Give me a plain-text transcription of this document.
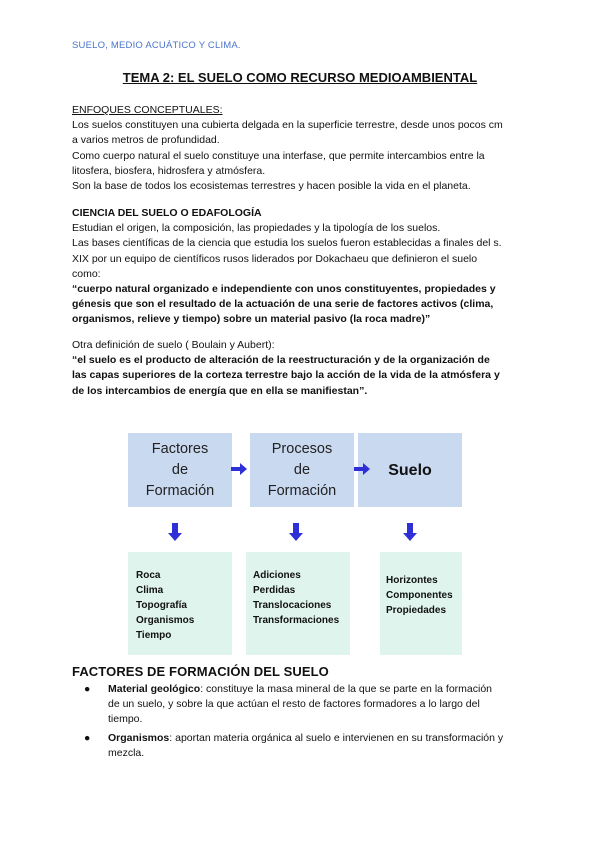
SUELO, MEDIO ACUÁTICO Y CLIMA.
TEMA 2: EL SUELO COMO RECURSO MEDIOAMBIENTAL

ENFOQUES CONCEPTUALES:

Los suelos constituyen una cubierta delgada en la superficie terrestre, desde unos pocos cm

a varios metros de profundidad.

Como cuerpo natural el suelo constituye una interfase, que permite intercambios entre la

litosfera, biosfera, hidrosfera y atmósfera.

Son la base de todos los ecosistemas terrestres y hacen posible la vida en el planeta.

CIENCIA DEL SUELO O EDAFOLOGÍA

Estudian el origen, la composición, las propiedades y la tipología de los suelos.

Las bases científicas de la ciencia que estudia los suelos fueron establecidas a finales del s.

XIX por un equipo de científicos rusos liderados por Dokachaeu que definieron el suelo

como:

“cuerpo natural organizado e independiente con unos constituyentes, propiedades y

génesis que son el resultado de la actuación de una serie de factores activos (clima,

organismos, relieve y tiempo) sobre un material pasivo (la roca madre)”

Otra definición de suelo ( Boulain y Aubert):

“el suelo es el producto de alteración de la reestructuración y de la organización de

las capas superiores de la corteza terrestre bajo la acción de la vida de la atmósfera y

de los intercambios de energía que en ella se manifiestan”.

Factores
de
Formación
Procesos
de
Formación
Suelo
Roca
Clima
Topografía
Organismos
Tiempo
Adiciones
Perdidas
Translocaciones
Transformaciones
Horizontes
Componentes
Propiedades
FACTORES DE FORMACIÓN DEL SUELO
● Material geológico: constituye la masa mineral de la que se parte en la formación
de un suelo, y sobre la que actúan el resto de factores formadores a lo largo del
tiempo.
● Organismos: aportan materia orgánica al suelo e intervienen en su transformación y
mezcla.
